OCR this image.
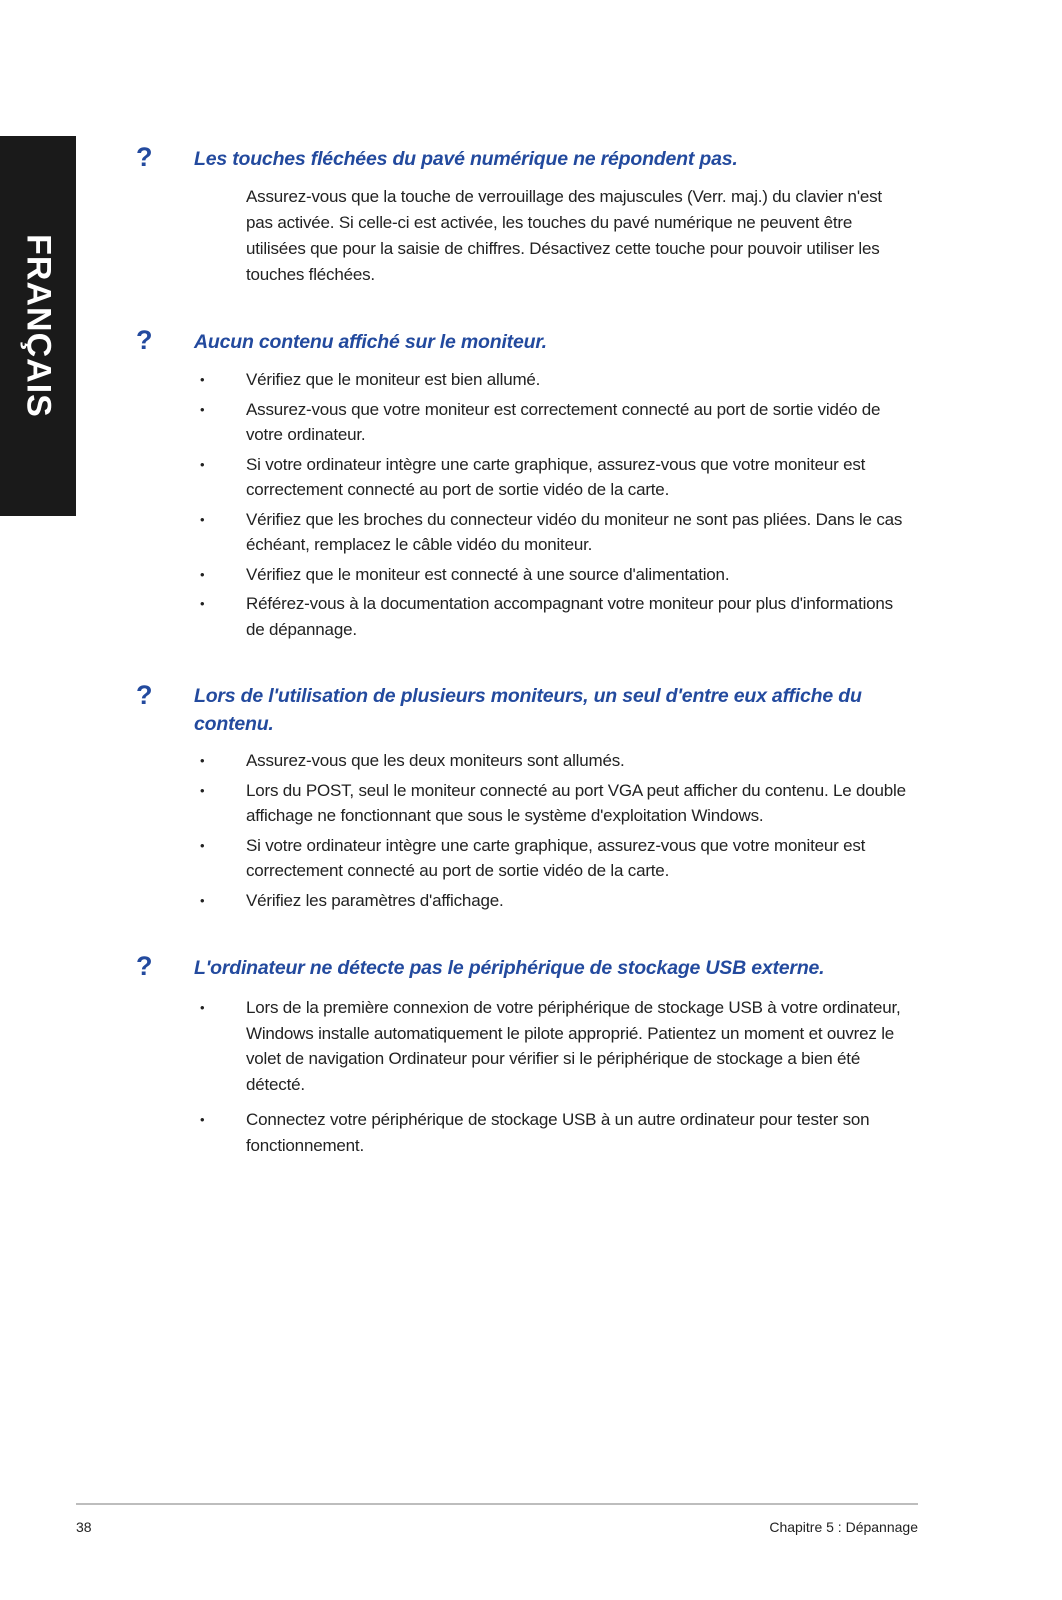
FRANÇAIS
? Les touches fléchées du pavé numérique ne répondent pas.

Assurez-vous que la touche de verrouillage des majuscules (Verr. maj.) du clavier n'est pas activée. Si celle-ci est activée, les touches du pavé numérique ne peuvent être utilisées que pour la saisie de chiffres. Désactivez cette touche pour pouvoir utiliser les touches fléchées.

? Aucun contenu affiché sur le moniteur.
• Vérifiez que le moniteur est bien allumé.
• Assurez-vous que votre moniteur est correctement connecté au port de sortie vidéo de votre ordinateur.
• Si votre ordinateur intègre une carte graphique, assurez-vous que votre moniteur est correctement connecté au port de sortie vidéo de la carte.
• Vérifiez que les broches du connecteur vidéo du moniteur ne sont pas pliées. Dans le cas échéant, remplacez le câble vidéo du moniteur.
• Vérifiez que le moniteur est connecté à une source d'alimentation.
• Référez-vous à la documentation accompagnant votre moniteur pour plus d'informations de dépannage.
? Lors de l'utilisation de plusieurs moniteurs, un seul d'entre eux affiche du contenu.
• Assurez-vous que les deux moniteurs sont allumés.
• Lors du POST, seul le moniteur connecté au port VGA peut afficher du contenu. Le double affichage ne fonctionnant que sous le système d'exploitation Windows.
• Si votre ordinateur intègre une carte graphique, assurez-vous que votre moniteur est correctement connecté au port de sortie vidéo de la carte.
• Vérifiez les paramètres d'affichage.
? L'ordinateur ne détecte pas le périphérique de stockage USB externe.
• Lors de la première connexion de votre périphérique de stockage USB à votre ordinateur, Windows installe automatiquement le pilote approprié. Patientez un moment et ouvrez le volet de navigation Ordinateur pour vérifier si le périphérique de stockage a bien été détecté.
• Connectez votre périphérique de stockage USB à un autre ordinateur pour tester son fonctionnement.
38	Chapitre 5 : Dépannage
